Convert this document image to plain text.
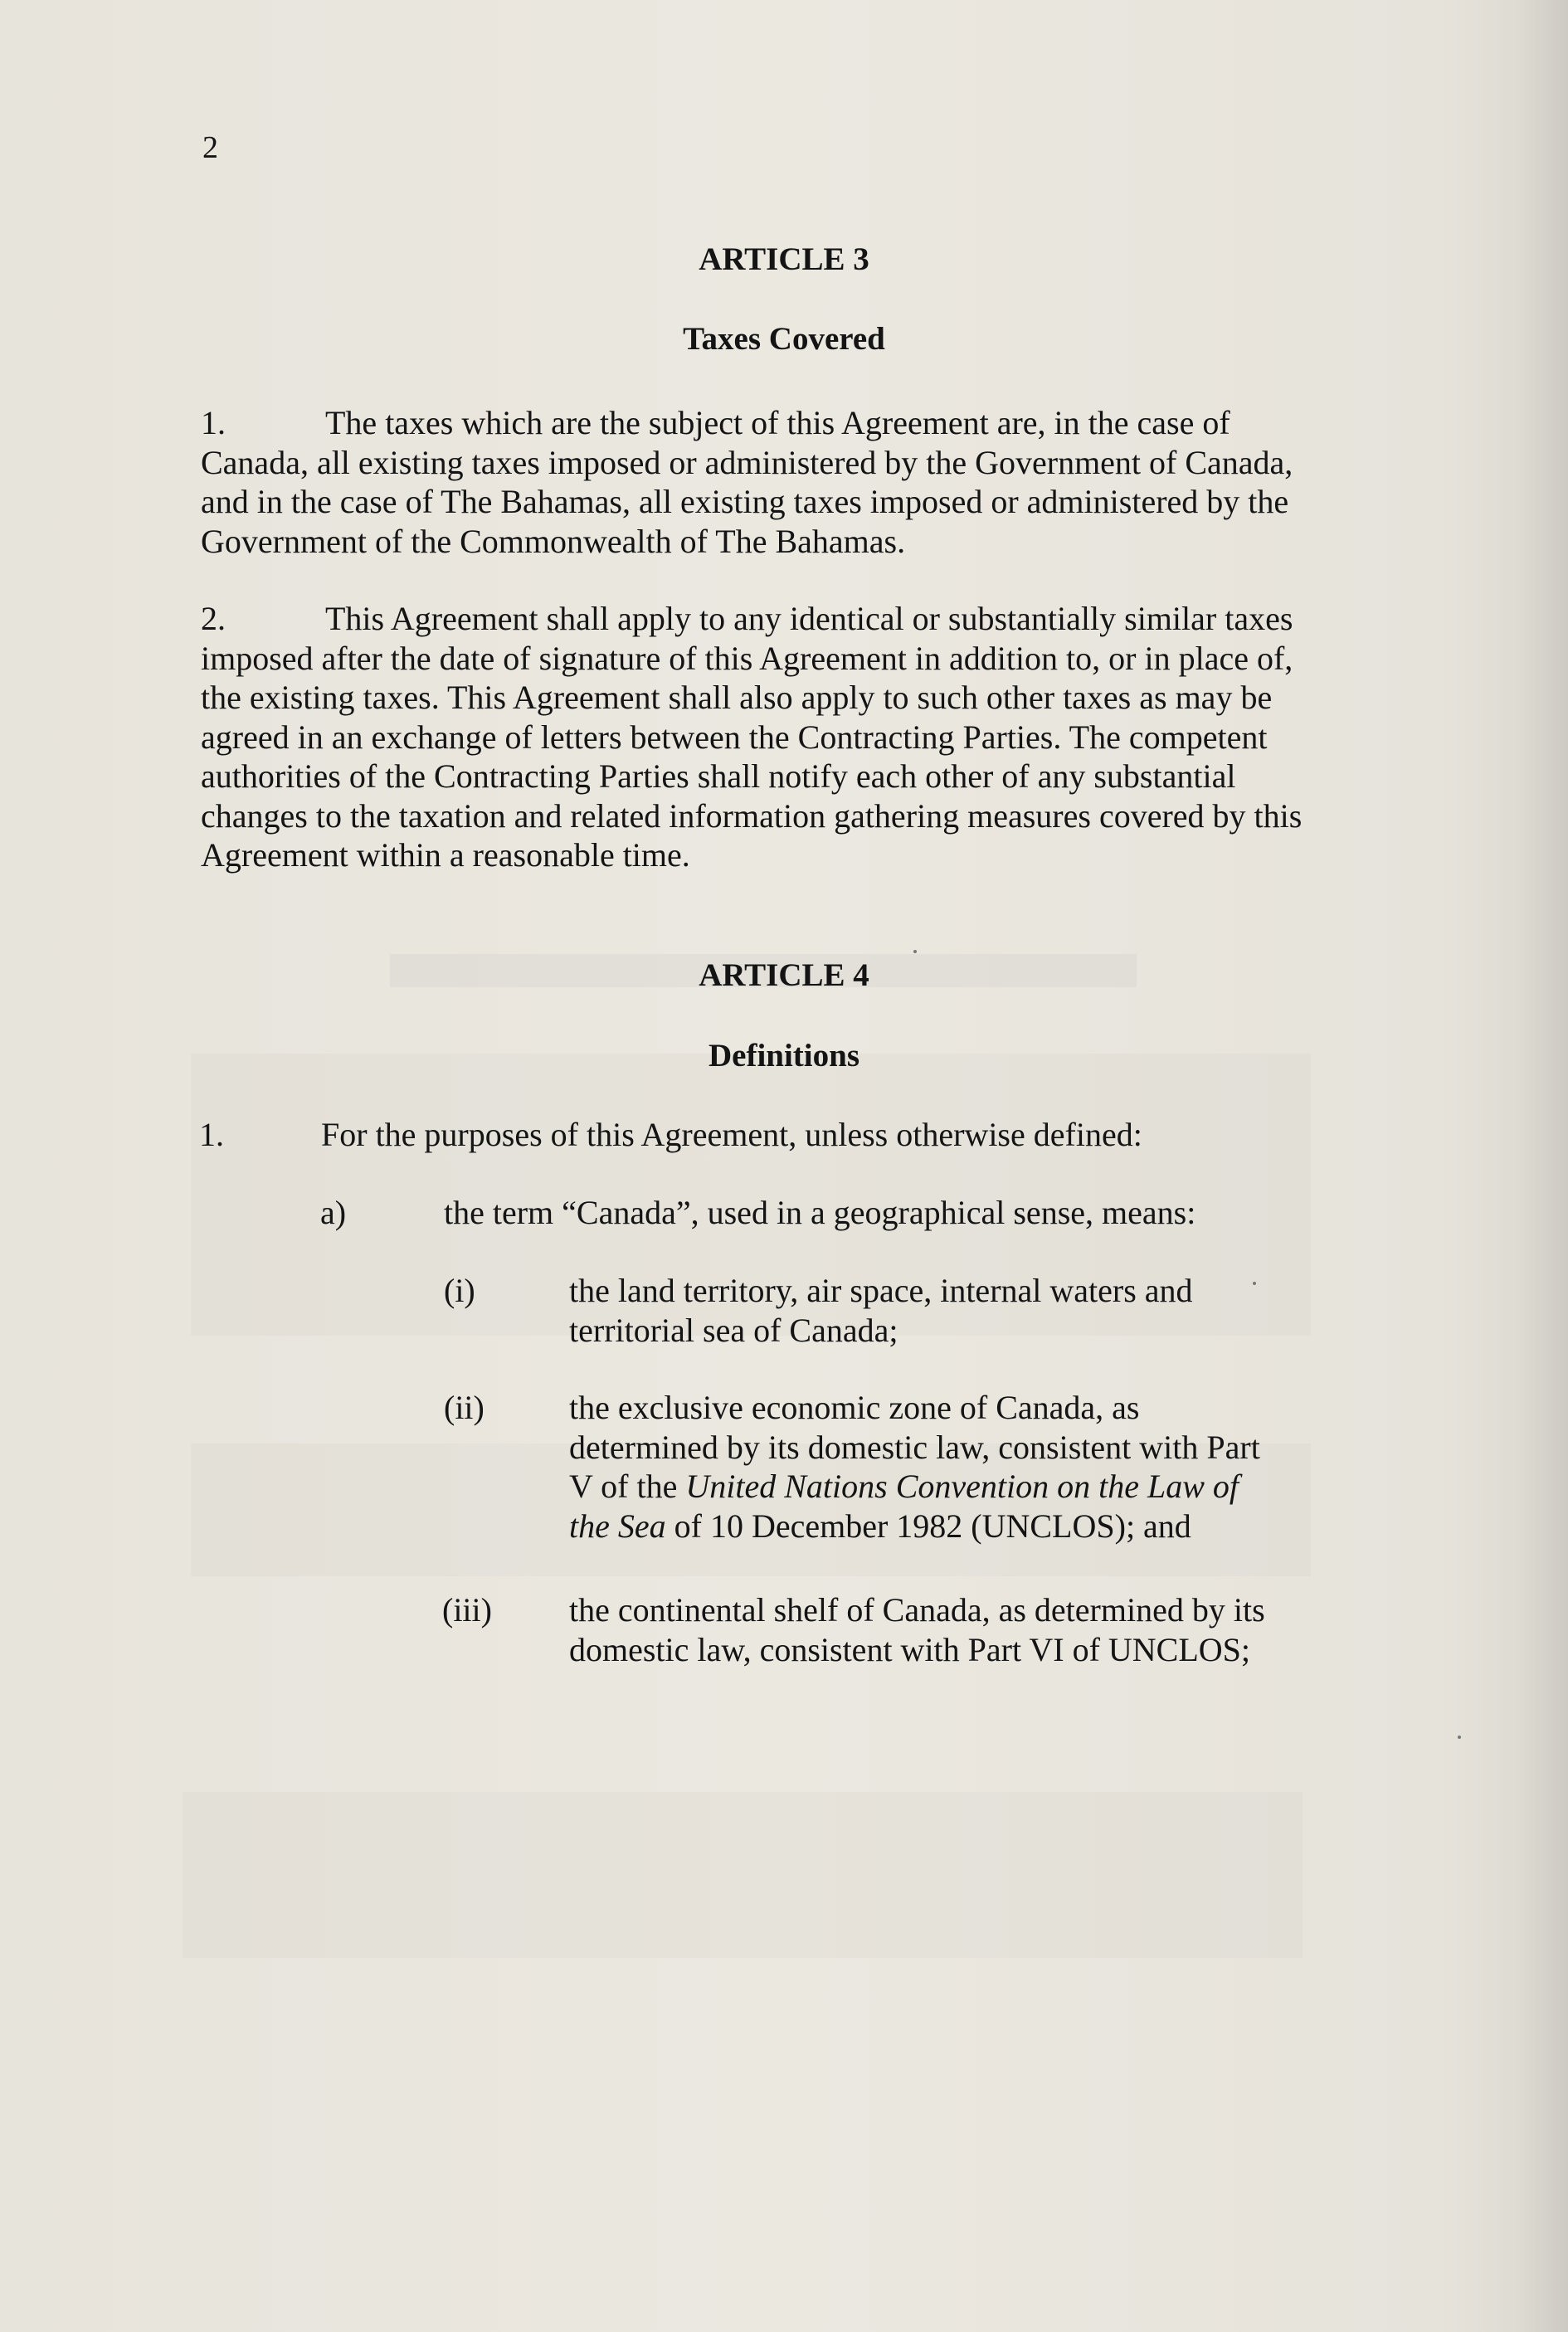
2
ARTICLE 3
Taxes Covered
1.	The taxes which are the subject of this Agreement are, in the case of Canada, all existing taxes imposed or administered by the Government of Canada, and in the case of The Bahamas, all existing taxes imposed or administered by the Government of the Commonwealth of The Bahamas.
2.	This Agreement shall apply to any identical or substantially similar taxes imposed after the date of signature of this Agreement in addition to, or in place of, the existing taxes. This Agreement shall also apply to such other taxes as may be agreed in an exchange of letters between the Contracting Parties. The competent authorities of the Contracting Parties shall notify each other of any substantial changes to the taxation and related information gathering measures covered by this Agreement within a reasonable time.
ARTICLE 4
Definitions
1.	For the purposes of this Agreement, unless otherwise defined:
a)	the term “Canada”, used in a geographical sense, means:
(i)	the land territory, air space, internal waters and territorial sea of Canada;
(ii)	the exclusive economic zone of Canada, as determined by its domestic law, consistent with Part V of the United Nations Convention on the Law of the Sea of 10 December 1982 (UNCLOS); and
(iii) the continental shelf of Canada, as determined by its domestic law, consistent with Part VI of UNCLOS;
